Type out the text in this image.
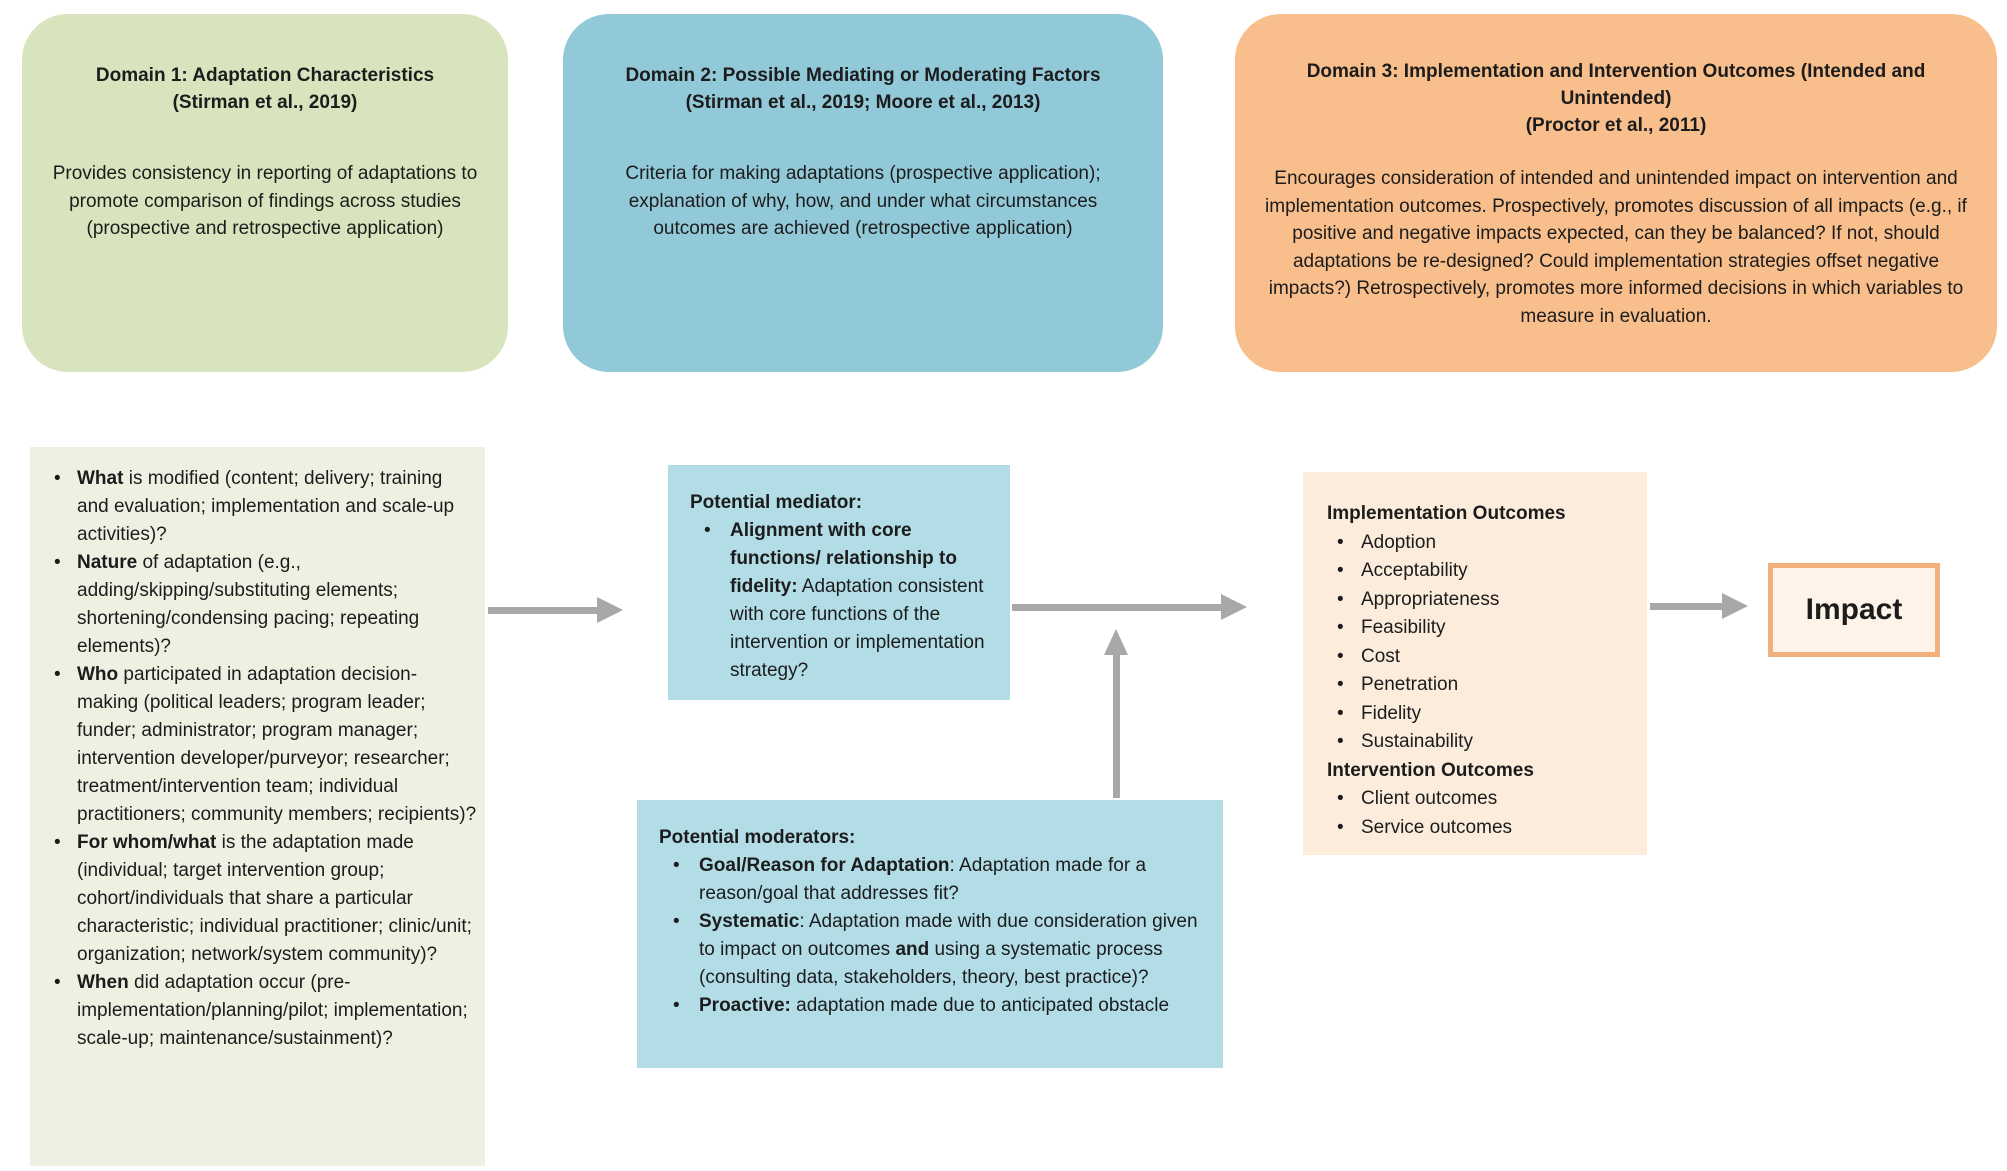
Domain 1: Adaptation Characteristics
(Stirman et al., 2019)

Provides consistency in reporting of adaptations to promote comparison of findings across studies (prospective and retrospective application)

Domain 2: Possible Mediating or Moderating Factors
(Stirman et al., 2019; Moore et al., 2013)

Criteria for making adaptations (prospective application); explanation of why, how, and under what circumstances outcomes are achieved (retrospective application)

Domain 3: Implementation and Intervention Outcomes (Intended and Unintended)
(Proctor et al., 2011)

Encourages consideration of intended and unintended impact on intervention and implementation outcomes. Prospectively, promotes discussion of all impacts (e.g., if positive and negative impacts expected, can they be balanced? If not, should adaptations be re-designed? Could implementation strategies offset negative impacts?) Retrospectively, promotes more informed decisions in which variables to measure in evaluation.

• What is modified (content; delivery; training and evaluation; implementation and scale-up activities)?
• Nature of adaptation (e.g., adding/skipping/substituting elements; shortening/condensing pacing; repeating elements)?
• Who participated in adaptation decision-making (political leaders; program leader; funder; administrator; program manager; intervention developer/purveyor; researcher; treatment/intervention team; individual practitioners; community members; recipients)?
• For whom/what is the adaptation made (individual; target intervention group; cohort/individuals that share a particular characteristic; individual practitioner; clinic/unit; organization; network/system community)?
• When did adaptation occur (pre-implementation/planning/pilot; implementation; scale-up; maintenance/sustainment)?
Potential mediator:
• Alignment with core functions/ relationship to fidelity: Adaptation consistent with core functions of the intervention or implementation strategy?
Potential moderators:
• Goal/Reason for Adaptation: Adaptation made for a reason/goal that addresses fit?
• Systematic: Adaptation made with due consideration given to impact on outcomes and using a systematic process (consulting data, stakeholders, theory, best practice)?
• Proactive: adaptation made due to anticipated obstacle
Implementation Outcomes
• Adoption
• Acceptability
• Appropriateness
• Feasibility
• Cost
• Penetration
• Fidelity
• Sustainability
Intervention Outcomes
• Client outcomes
• Service outcomes
Impact
